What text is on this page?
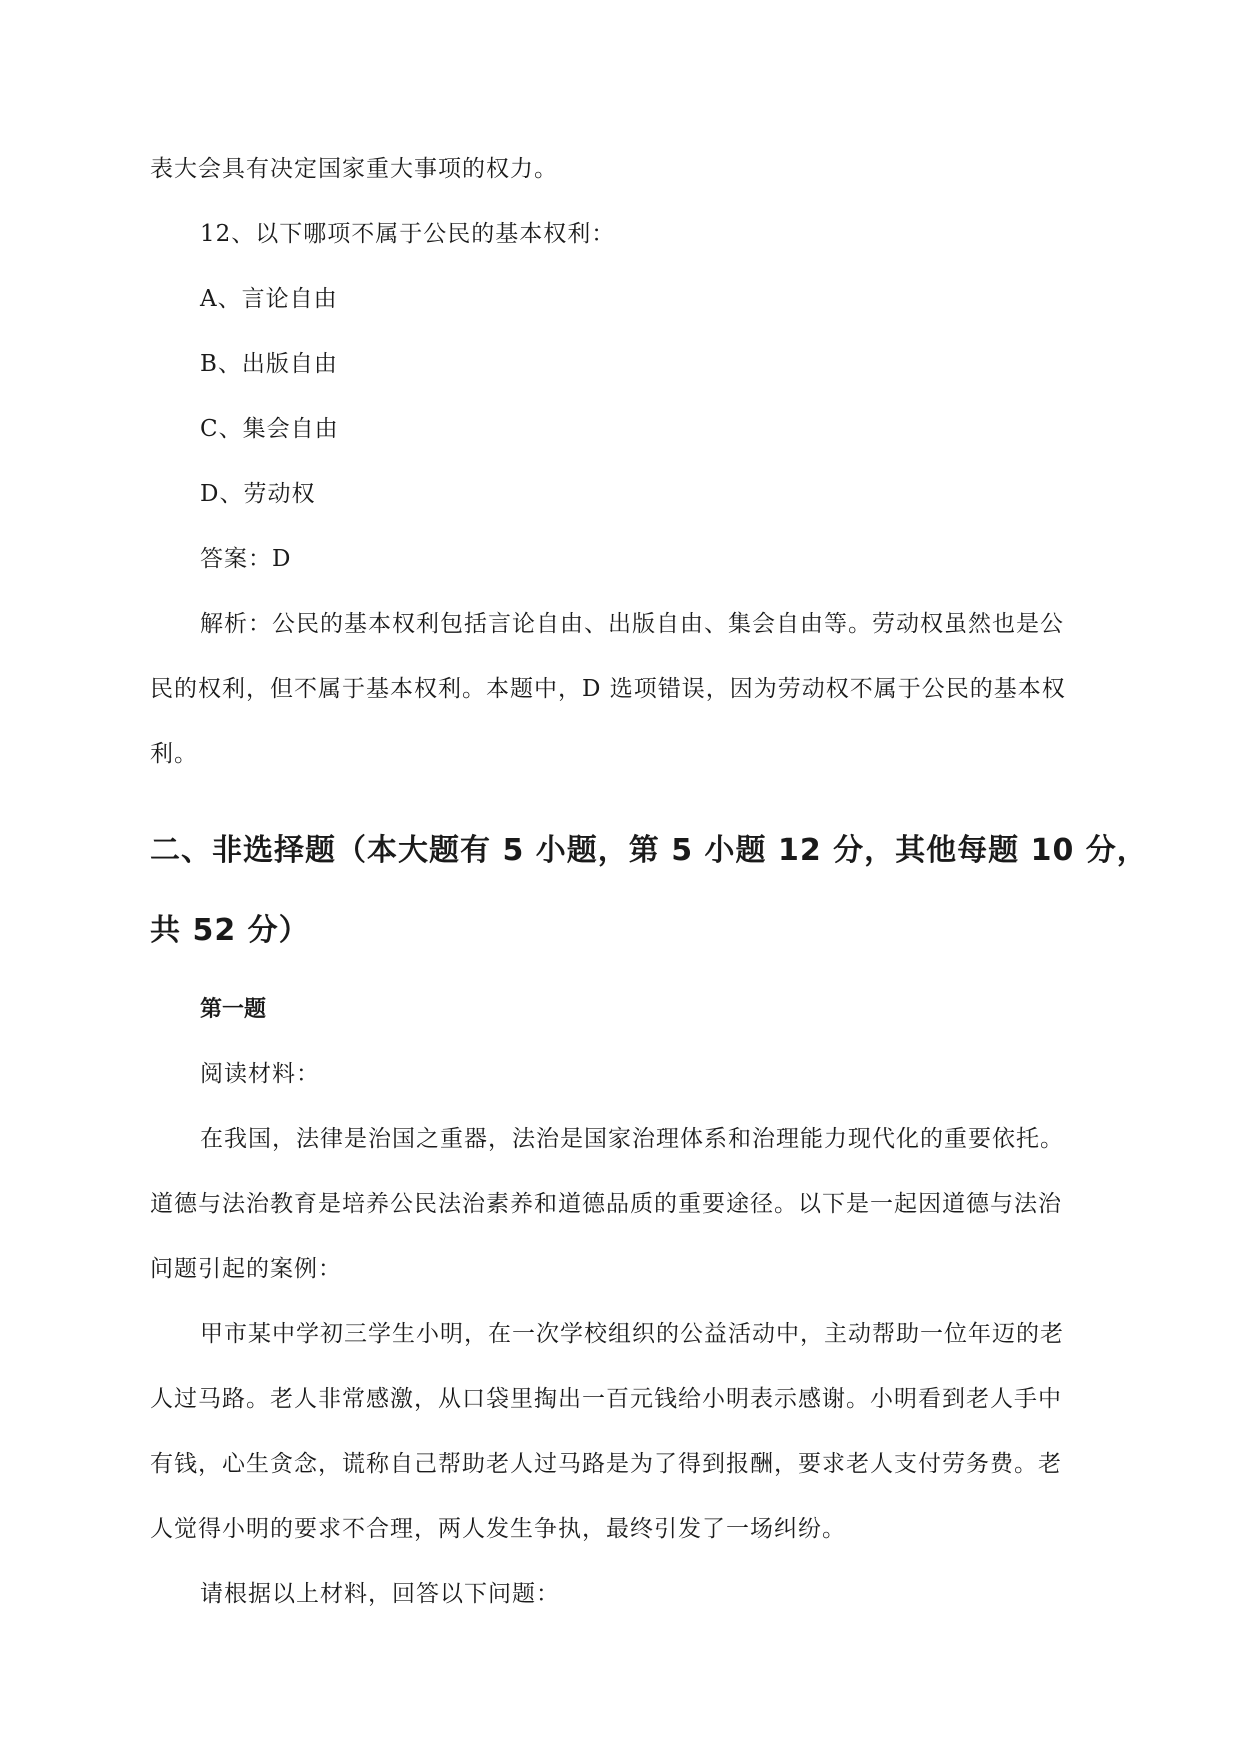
表大会具有决定国家重大事项的权力。
12、以下哪项不属于公民的基本权利：
A、言论自由
B、出版自由
C、集会自由
D、劳动权
答案：D
解析：公民的基本权利包括言论自由、出版自由、集会自由等。劳动权虽然也是公
民的权利，但不属于基本权利。本题中，D 选项错误，因为劳动权不属于公民的基本权
利。
二、非选择题（本大题有 5 小题，第 5 小题 12 分，其他每题 10 分，
共 52 分）
第一题
阅读材料：
在我国，法律是治国之重器，法治是国家治理体系和治理能力现代化的重要依托。
道德与法治教育是培养公民法治素养和道德品质的重要途径。以下是一起因道德与法治
问题引起的案例：
甲市某中学初三学生小明，在一次学校组织的公益活动中，主动帮助一位年迈的老
人过马路。老人非常感激，从口袋里掏出一百元钱给小明表示感谢。小明看到老人手中
有钱，心生贪念，谎称自己帮助老人过马路是为了得到报酬，要求老人支付劳务费。老
人觉得小明的要求不合理，两人发生争执，最终引发了一场纠纷。
请根据以上材料，回答以下问题：
